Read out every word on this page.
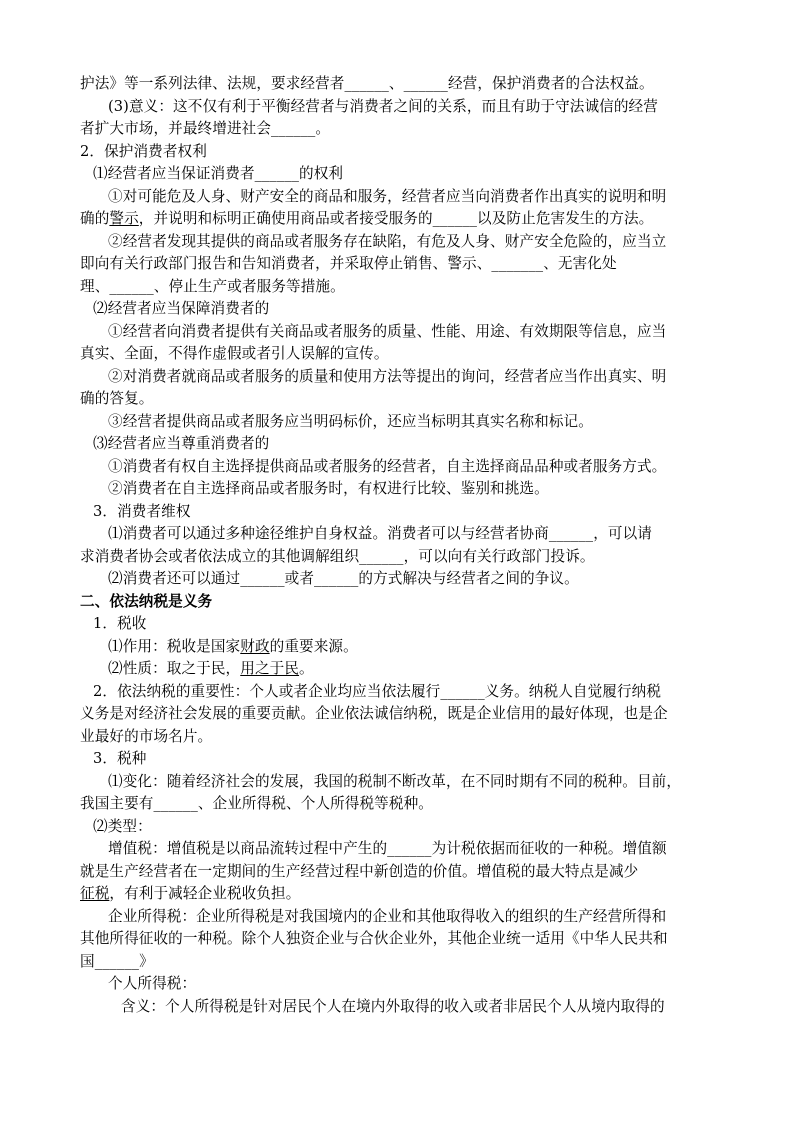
护法》等一系列法律、法规，要求经营者______、______经营，保护消费者的合法权益。
(3)意义：这不仅有利于平衡经营者与消费者之间的关系，而且有助于守法诚信的经营
者扩大市场，并最终增进社会______。
2．保护消费者权利
⑴经营者应当保证消费者______的权利
①对可能危及人身、财产安全的商品和服务，经营者应当向消费者作出真实的说明和明
确的警示，并说明和标明正确使用商品或者接受服务的______以及防止危害发生的方法。
②经营者发现其提供的商品或者服务存在缺陷，有危及人身、财产安全危险的，应当立
即向有关行政部门报告和告知消费者，并采取停止销售、警示、_______、无害化处
理、______、停止生产或者服务等措施。
⑵经营者应当保障消费者的
①经营者向消费者提供有关商品或者服务的质量、性能、用途、有效期限等信息，应当
真实、全面，不得作虚假或者引人误解的宣传。
②对消费者就商品或者服务的质量和使用方法等提出的询问，经营者应当作出真实、明
确的答复。
③经营者提供商品或者服务应当明码标价，还应当标明其真实名称和标记。
⑶经营者应当尊重消费者的
①消费者有权自主选择提供商品或者服务的经营者，自主选择商品品种或者服务方式。
②消费者在自主选择商品或者服务时，有权进行比较、鉴别和挑选。
3．消费者维权
⑴消费者可以通过多种途径维护自身权益。消费者可以与经营者协商______，可以请
求消费者协会或者依法成立的其他调解组织______，可以向有关行政部门投诉。
⑵消费者还可以通过______或者______的方式解决与经营者之间的争议。
二、依法纳税是义务
1．税收
⑴作用：税收是国家财政的重要来源。
⑵性质：取之于民，用之于民。
2．依法纳税的重要性：个人或者企业均应当依法履行______义务。纳税人自觉履行纳税
义务是对经济社会发展的重要贡献。企业依法诚信纳税，既是企业信用的最好体现，也是企
业最好的市场名片。
3．税种
⑴变化：随着经济社会的发展，我国的税制不断改革，在不同时期有不同的税种。目前，
我国主要有______、企业所得税、个人所得税等税种。
⑵类型：
增值税：增值税是以商品流转过程中产生的______为计税依据而征收的一种税。增值额
就是生产经营者在一定期间的生产经营过程中新创造的价值。增值税的最大特点是减少
征税，有利于减轻企业税收负担。
企业所得税：企业所得税是对我国境内的企业和其他取得收入的组织的生产经营所得和
其他所得征收的一种税。除个人独资企业与合伙企业外，其他企业统一适用《中华人民共和
国______》
个人所得税：
含义：个人所得税是针对居民个人在境内外取得的收入或者非居民个人从境内取得的
